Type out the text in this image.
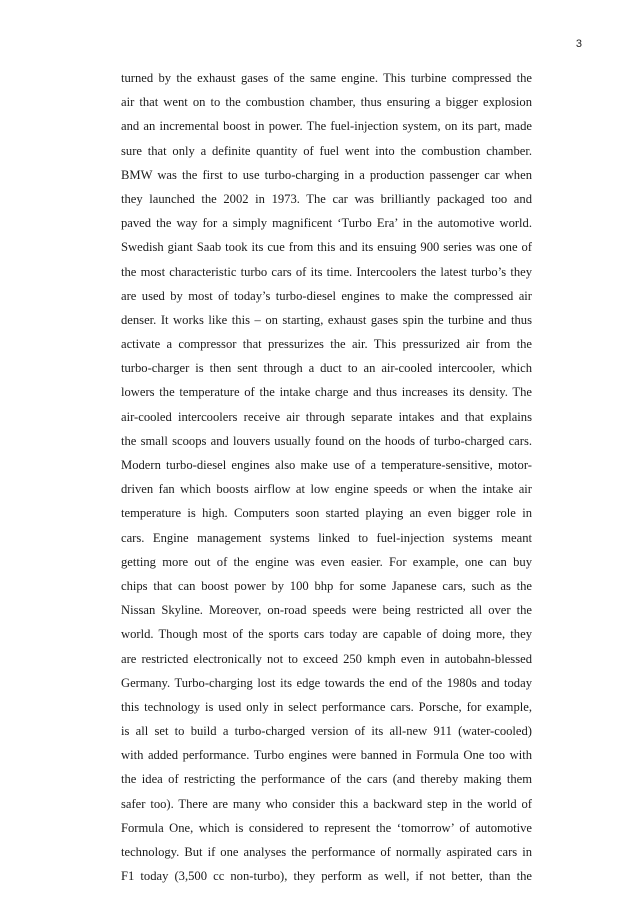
3
turned by the exhaust gases of the same engine. This turbine compressed the
air that went on to the combustion chamber, thus ensuring a bigger explosion
and an incremental boost in power. The fuel-injection system, on its part, made
sure that only a definite quantity of fuel went into the combustion chamber.
BMW was the first to use turbo-charging in a production passenger car when
they launched the 2002 in 1973. The car was brilliantly packaged too and
paved the way for a simply magnificent ‘Turbo Era’ in the automotive world.
Swedish giant Saab took its cue from this and its ensuing 900 series was one of
the most characteristic turbo cars of its time. Intercoolers the latest turbo’s they
are used by most of today’s turbo-diesel engines to make the compressed air
denser. It works like this – on starting, exhaust gases spin the turbine and thus
activate a compressor that pressurizes the air. This pressurized air from the
turbo-charger is then sent through a duct to an air-cooled intercooler, which
lowers the temperature of the intake charge and thus increases its density. The
air-cooled intercoolers receive air through separate intakes and that explains
the small scoops and louvers usually found on the hoods of turbo-charged cars.
Modern turbo-diesel engines also make use of a temperature-sensitive, motor-
driven fan which boosts airflow at low engine speeds or when the intake air
temperature is high. Computers soon started playing an even bigger role in
cars. Engine management systems linked to fuel-injection systems meant
getting more out of the engine was even easier. For example, one can buy
chips that can boost power by 100 bhp for some Japanese cars, such as the
Nissan Skyline. Moreover, on-road speeds were being restricted all over the
world. Though most of the sports cars today are capable of doing more, they
are restricted electronically not to exceed 250 kmph even in autobahn-blessed
Germany. Turbo-charging lost its edge towards the end of the 1980s and today
this technology is used only in select performance cars. Porsche, for example,
is all set to build a turbo-charged version of its all-new 911 (water-cooled)
with added performance. Turbo engines were banned in Formula One too with
the idea of restricting the performance of the cars (and thereby making them
safer too). There are many who consider this a backward step in the world of
Formula One, which is considered to represent the ‘tomorrow’ of automotive
technology. But if one analyses the performance of normally aspirated cars in
F1 today (3,500 cc non-turbo), they perform as well, if not better, than the
